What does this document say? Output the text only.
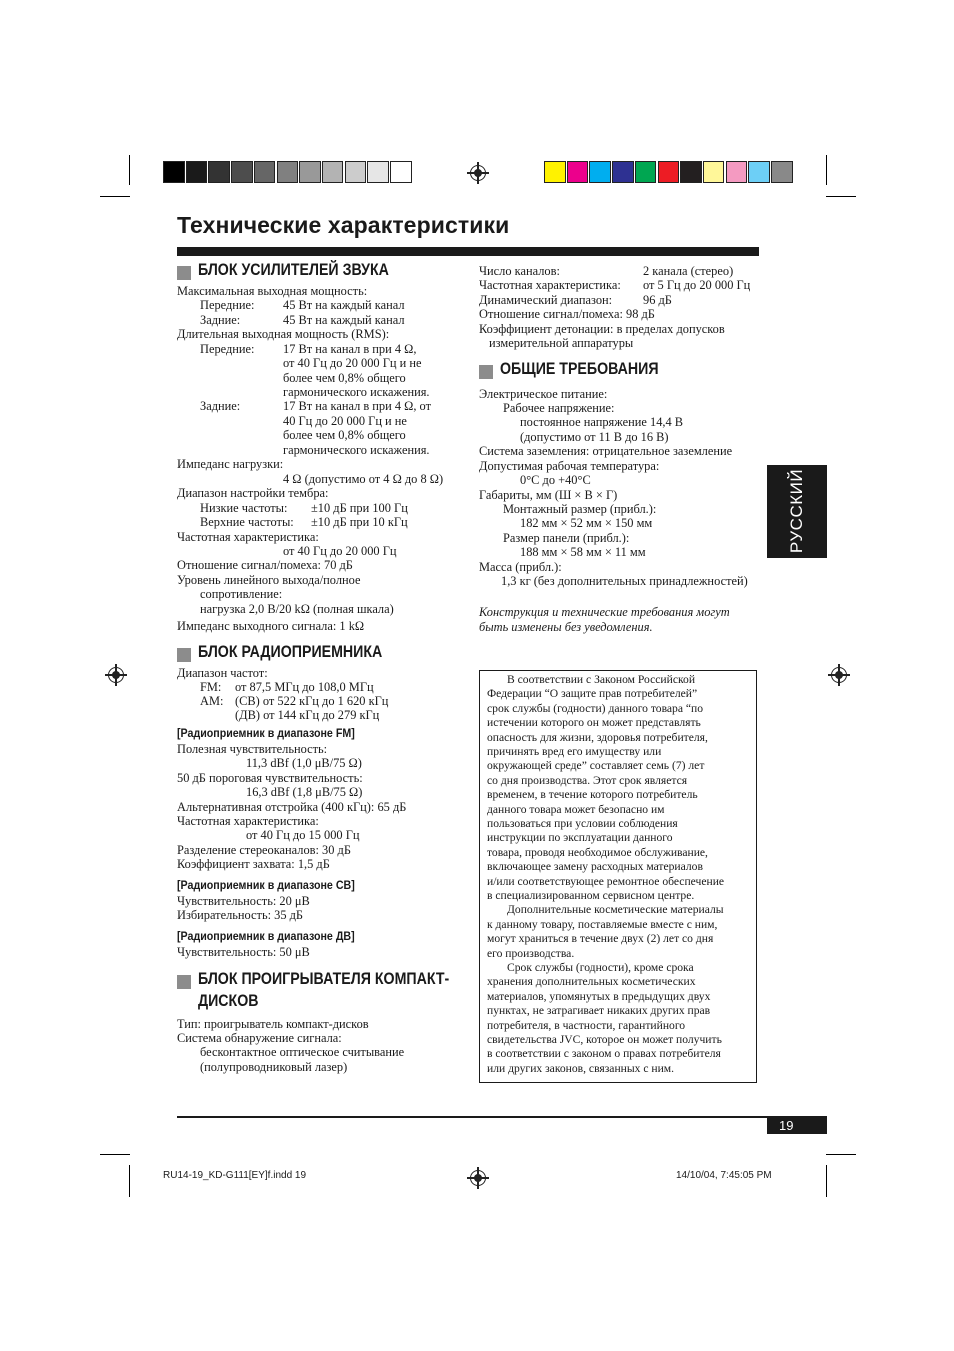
Технические характеристики
РУССКИЙ
БЛОК УСИЛИТЕЛЕЙ ЗВУКА
Максимальная выходная мощность:
Передние: 45 Вт на каждый канал
Задние:	45 Вт на каждый канал
Длительная выходная мощность (RMS):
Передние: 17 Вт на канал в при 4 Ω,
от 40 Гц до 20 000 Гц и не
более чем 0,8% общего
гармонического искажения.
Задние:	17 Вт на канал в при 4 Ω, от
40 Гц до 20 000 Гц и не
более чем 0,8% общего
гармонического искажения.
Импеданс нагрузки:
4 Ω (допустимо от 4 Ω до 8 Ω)
Диапазон настройки тембра:
Низкие частоты: ±10 дБ при 100 Гц
Верхние частоты: ±10 дБ при 10 кГц
Частотная характеристика:
от 40 Гц до 20 000 Гц
Отношение сигнал/помеха: 70 дБ
Уровень линейного выхода/полное
сопротивление:
нагрузка 2,0 В/20 kΩ (полная шкала)
Импеданс выходного сигнала: 1 kΩ
БЛОК РАДИОПРИЕМНИКА
Диапазон частот:
FM: от 87,5 МГц до 108,0 МГц
AM: (СВ) от 522 кГц до 1 620 кГц
(ДВ) от 144 кГц до 279 кГц
[Радиоприемник в диапазоне FM]
Полезная чувствительность:
11,3 dBf (1,0 μВ/75 Ω)
50 дБ пороговая чувствительность:
16,3 dBf (1,8 μВ/75 Ω)
Альтернативная отстройка (400 кГц): 65 дБ
Частотная характеристика:
от 40 Гц до 15 000 Гц
Разделение стереоканалов: 30 дБ
Коэффициент захвата: 1,5 дБ
[Радиоприемник в диапазоне СВ]
Чувствительность: 20 μВ
Избирательность: 35 дБ
[Радиоприемник в диапазоне ДВ]
Чувствительность: 50 μВ
БЛОК ПРОИГРЫВАТЕЛЯ КОМПАКТ-
ДИСКОВ
Тип: проигрыватель компакт-дисков
Система обнаружение сигнала:
бесконтактное оптическое считывание
(полупроводниковый лазер)
Число каналов:	2 канала (стерео)
Частотная характеристика: от 5 Гц до 20 000 Гц
Динамический диапазон: 96 дБ
Отношение сигнал/помеха: 98 дБ
Коэффициент детонации: в пределах допусков
измерительной аппаратуры
ОБЩИЕ ТРЕБОВАНИЯ
Электрическое питание:
Рабочее напряжение:
постоянное напряжение 14,4 В
(допустимо от 11 В до 16 В)
Система заземления: отрицательное заземление
Допустимая рабочая температура:
0°C до +40°C
Габариты, мм (Ш × В × Г)
Монтажный размер (прибл.):
182 мм × 52 мм × 150 мм
Размер панели (прибл.):
188 мм × 58 мм × 11 мм
Масса (прибл.):
1,3 кг (без дополнительных принадлежностей)
Конструкция и технические требования могут
быть изменены без уведомления.
В соответствии с Законом Российской
Федерации “О защите прав потребителей”
срок службы (годности) данного товара “по
истечении которого он может представлять
опасность для жизни, здоровья потребителя,
причинять вред его имуществу или
окружающей среде” составляет семь (7) лет
со дня производства. Этот срок является
временем, в течение которого потребитель
данного товара может безопасно им
пользоваться при условии соблюдения
инструкции по эксплуатации данного
товара, проводя необходимое обслуживание,
включающее замену расходных материалов
и/или соответствующее ремонтное обеспечение
в специализированном сервисном центре.
Дополнительные косметические материалы
к данному товару, поставляемые вместе с ним,
могут храниться в течение двух (2) лет со дня
его производства.
Срок службы (годности), кроме срока
хранения дополнительных косметических
материалов, упомянутых в предыдущих двух
пунктах, не затрагивает никаких других прав
потребителя, в частности, гарантийного
свидетельства JVC, которое он может получить
в соответствии с законом о правах потребителя
или других законов, связанных с ним.
19
RU14-19_KD-G111[EY]f.indd 19	14/10/04, 7:45:05 PM
